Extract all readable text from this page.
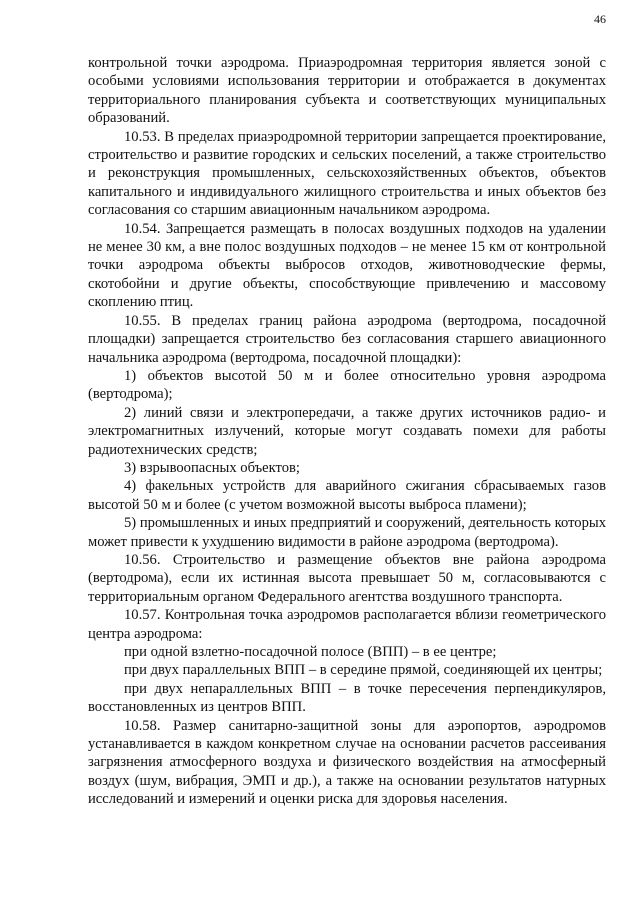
46

контрольной точки аэродрома. Приаэродромная территория является зоной с особыми условиями использования территории и отображается в документах территориального планирования субъекта и соответствующих муниципальных образований.

10.53. В пределах приаэродромной территории запрещается проектирование, строительство и развитие городских и сельских поселений, а также строительство и реконструкция промышленных, сельскохозяйственных объектов, объектов капитального и индивидуального жилищного строительства и иных объектов без согласования со старшим авиационным начальником аэродрома.

10.54. Запрещается размещать в полосах воздушных подходов на удалении не менее 30 км, а вне полос воздушных подходов – не менее 15 км от контрольной точки аэродрома объекты выбросов отходов, животноводческие фермы, скотобойни и другие объекты, способствующие привлечению и массовому скоплению птиц.

10.55. В пределах границ района аэродрома (вертодрома, посадочной площадки) запрещается строительство без согласования старшего авиационного начальника аэродрома (вертодрома, посадочной площадки):

1) объектов высотой 50 м и более относительно уровня аэродрома (вертодрома);

2) линий связи и электропередачи, а также других источников радио- и электромагнитных излучений, которые могут создавать помехи для работы радиотехнических средств;

3) взрывоопасных объектов;

4) факельных устройств для аварийного сжигания сбрасываемых газов высотой 50 м и более (с учетом возможной высоты выброса пламени);

5) промышленных и иных предприятий и сооружений, деятельность которых может привести к ухудшению видимости в районе аэродрома (вертодрома).

10.56. Строительство и размещение объектов вне района аэродрома (вертодрома), если их истинная высота превышает 50 м, согласовываются с территориальным органом Федерального агентства воздушного транспорта.

10.57. Контрольная точка аэродромов располагается вблизи геометрического центра аэродрома:

при одной взлетно-посадочной полосе (ВПП) – в ее центре;

при двух параллельных ВПП – в середине прямой, соединяющей их центры;

при двух непараллельных ВПП – в точке пересечения перпендикуляров, восстановленных из центров ВПП.

10.58. Размер санитарно-защитной зоны для аэропортов, аэродромов устанавливается в каждом конкретном случае на основании расчетов рассеивания загрязнения атмосферного воздуха и физического воздействия на атмосферный воздух (шум, вибрация, ЭМП и др.), а также на основании результатов натурных исследований и измерений и оценки риска для здоровья населения.
